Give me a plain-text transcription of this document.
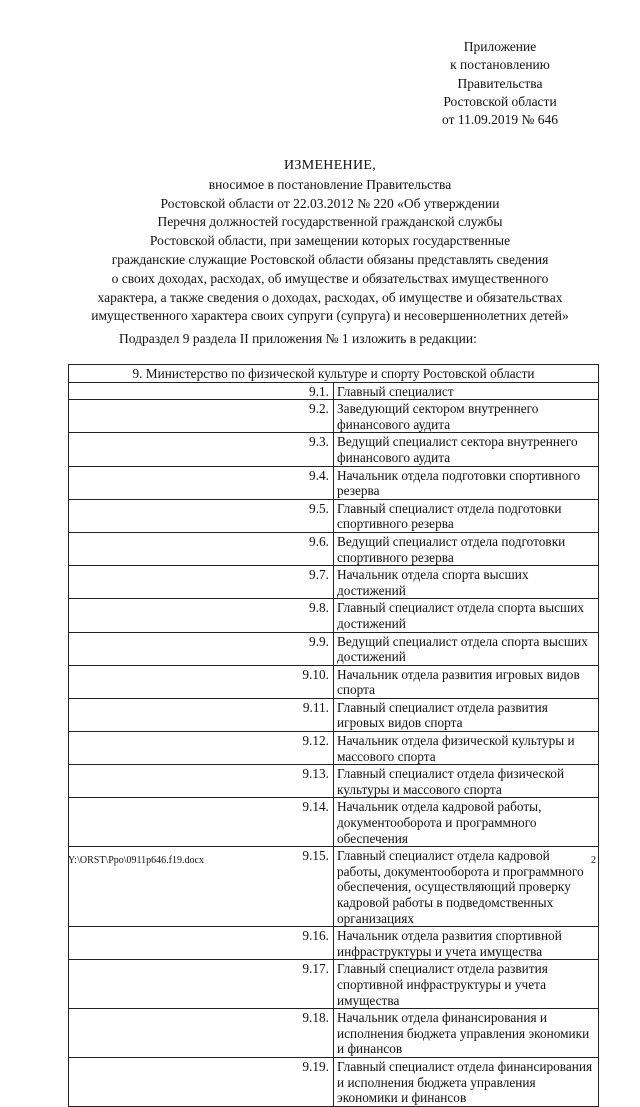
Приложение
к постановлению
Правительства
Ростовской области
от 11.09.2019 № 646
ИЗМЕНЕНИЕ,
вносимое в постановление Правительства
Ростовской области от 22.03.2012 № 220 «Об утверждении
Перечня должностей государственной гражданской службы
Ростовской области, при замещении которых государственные
гражданские служащие Ростовской области обязаны представлять сведения
о своих доходах, расходах, об имуществе и обязательствах имущественного
характера, а также сведения о доходах, расходах, об имуществе и обязательствах
имущественного характера своих супруги (супруга) и несовершеннолетних детей»
Подраздел 9 раздела II приложения № 1 изложить в редакции:
9. Министерство по физической культуре и спорту Ростовской области	
9.1.	Главный специалист
9.2.	Заведующий сектором внутреннего финансового аудита
9.3.	Ведущий специалист сектора внутреннего финансового аудита
9.4.	Начальник отдела подготовки спортивного резерва
9.5.	Главный специалист отдела подготовки спортивного резерва
9.6.	Ведущий специалист отдела подготовки спортивного резерва
9.7.	Начальник отдела спорта высших достижений
9.8.	Главный специалист отдела спорта высших достижений
9.9.	Ведущий специалист отдела спорта высших достижений
9.10.	Начальник отдела развития игровых видов спорта
9.11.	Главный специалист отдела развития игровых видов спорта
9.12.	Начальник отдела физической культуры и массового спорта
9.13.	Главный специалист отдела физической культуры и массового спорта
9.14.	Начальник отдела кадровой работы, документооборота и программного обеспечения
9.15.	Главный специалист отдела кадровой работы, документооборота и программного обеспечения, осуществляющий проверку кадровой работы в подведомственных организациях
9.16.	Начальник отдела развития спортивной инфраструктуры и учета имущества
9.17.	Главный специалист отдела развития спортивной инфраструктуры и учета имущества
9.18.	Начальник отдела финансирования и исполнения бюджета управления экономики и финансов
9.19.	Главный специалист отдела финансирования и исполнения бюджета управления экономики и финансов
Y:\ORST\Ppo\0911p646.f19.docx	2
